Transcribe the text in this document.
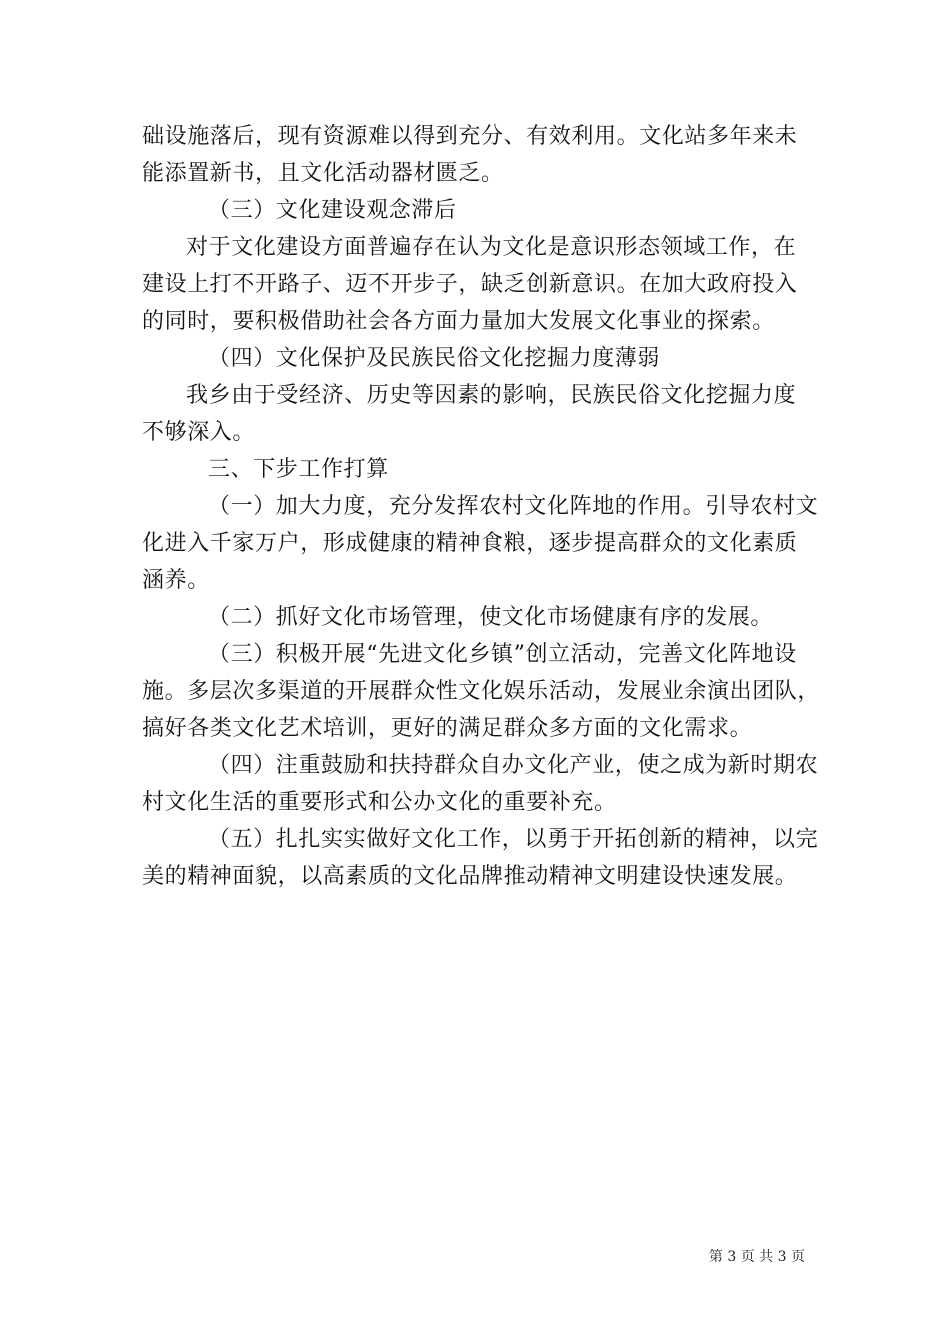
础设施落后，现有资源难以得到充分、有效利用。文化站多年来未
能添置新书，且文化活动器材匮乏。
（三）文化建设观念滞后
对于文化建设方面普遍存在认为文化是意识形态领域工作，在
建设上打不开路子、迈不开步子，缺乏创新意识。在加大政府投入
的同时，要积极借助社会各方面力量加大发展文化事业的探索。
（四）文化保护及民族民俗文化挖掘力度薄弱
我乡由于受经济、历史等因素的影响，民族民俗文化挖掘力度
不够深入。
三、下步工作打算
（一）加大力度，充分发挥农村文化阵地的作用。引导农村文
化进入千家万户，形成健康的精神食粮，逐步提高群众的文化素质
涵养。
（二）抓好文化市场管理，使文化市场健康有序的发展。
（三）积极开展“先进文化乡镇”创立活动，完善文化阵地设
施。多层次多渠道的开展群众性文化娱乐活动，发展业余演出团队，
搞好各类文化艺术培训，更好的满足群众多方面的文化需求。
（四）注重鼓励和扶持群众自办文化产业，使之成为新时期农
村文化生活的重要形式和公办文化的重要补充。
（五）扎扎实实做好文化工作，以勇于开拓创新的精神，以完
美的精神面貌，以高素质的文化品牌推动精神文明建设快速发展。
第 3 页 共 3 页
